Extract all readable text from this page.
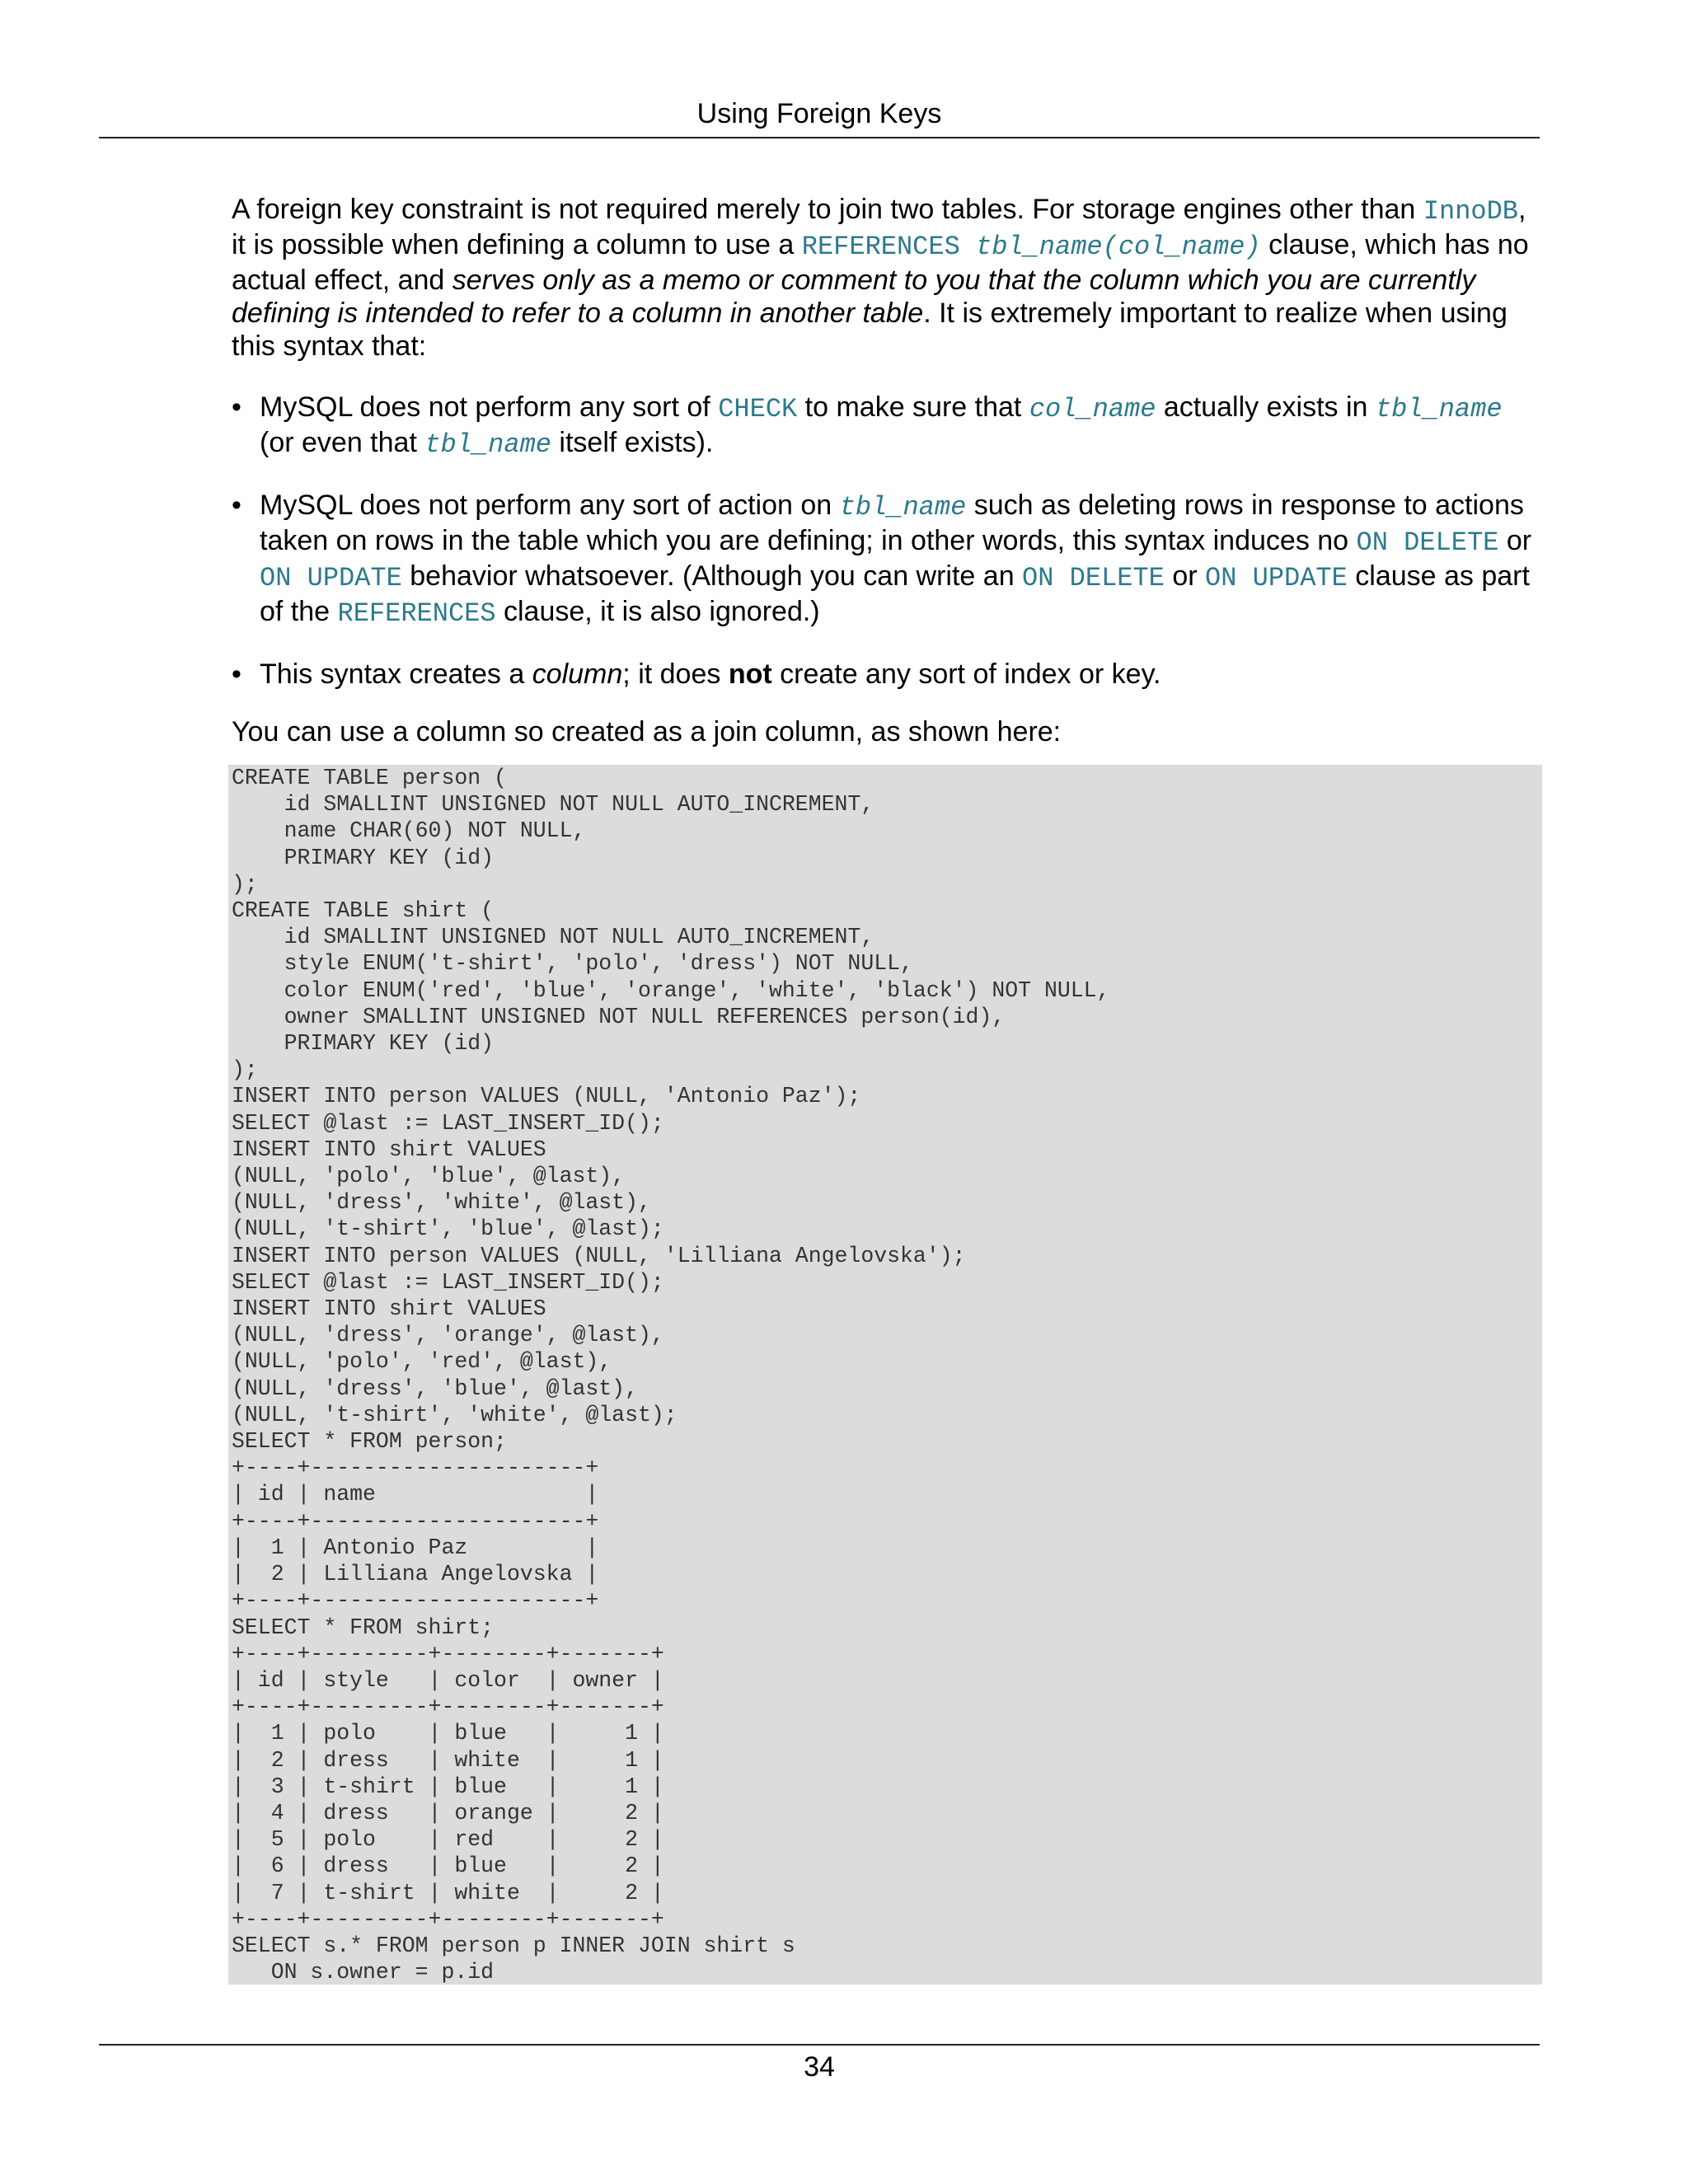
Using Foreign Keys

A foreign key constraint is not required merely to join two tables. For storage engines other than InnoDB, it is possible when defining a column to use a REFERENCES tbl_name(col_name) clause, which has no actual effect, and serves only as a memo or comment to you that the column which you are currently defining is intended to refer to a column in another table. It is extremely important to realize when using this syntax that:

• MySQL does not perform any sort of CHECK to make sure that col_name actually exists in tbl_name (or even that tbl_name itself exists).
• MySQL does not perform any sort of action on tbl_name such as deleting rows in response to actions taken on rows in the table which you are defining; in other words, this syntax induces no ON DELETE or ON UPDATE behavior whatsoever. (Although you can write an ON DELETE or ON UPDATE clause as part of the REFERENCES clause, it is also ignored.)
• This syntax creates a column; it does not create any sort of index or key.

You can use a column so created as a join column, as shown here:

CREATE TABLE person (
id SMALLINT UNSIGNED NOT NULL AUTO_INCREMENT,
name CHAR(60) NOT NULL,
PRIMARY KEY (id)
);
CREATE TABLE shirt (
id SMALLINT UNSIGNED NOT NULL AUTO_INCREMENT,
style ENUM('t-shirt', 'polo', 'dress') NOT NULL,
color ENUM('red', 'blue', 'orange', 'white', 'black') NOT NULL,
owner SMALLINT UNSIGNED NOT NULL REFERENCES person(id),
PRIMARY KEY (id)
);
INSERT INTO person VALUES (NULL, 'Antonio Paz');
SELECT @last := LAST_INSERT_ID();
INSERT INTO shirt VALUES
(NULL, 'polo', 'blue', @last),
(NULL, 'dress', 'white', @last),
(NULL, 't-shirt', 'blue', @last);
INSERT INTO person VALUES (NULL, 'Lilliana Angelovska');
SELECT @last := LAST_INSERT_ID();
INSERT INTO shirt VALUES
(NULL, 'dress', 'orange', @last),
(NULL, 'polo', 'red', @last),
(NULL, 'dress', 'blue', @last),
(NULL, 't-shirt', 'white', @last);
SELECT * FROM person;
+----+---------------------+
| id | name                |
+----+---------------------+
|  1 | Antonio Paz         |
|  2 | Lilliana Angelovska |
+----+---------------------+
SELECT * FROM shirt;
+----+---------+--------+-------+
| id | style   | color  | owner |
+----+---------+--------+-------+
|  1 | polo    | blue   |     1 |
|  2 | dress   | white  |     1 |
|  3 | t-shirt | blue   |     1 |
|  4 | dress   | orange |     2 |
|  5 | polo    | red    |     2 |
|  6 | dress   | blue   |     2 |
|  7 | t-shirt | white  |     2 |
+----+---------+--------+-------+
SELECT s.* FROM person p INNER JOIN shirt s
ON s.owner = p.id
34
